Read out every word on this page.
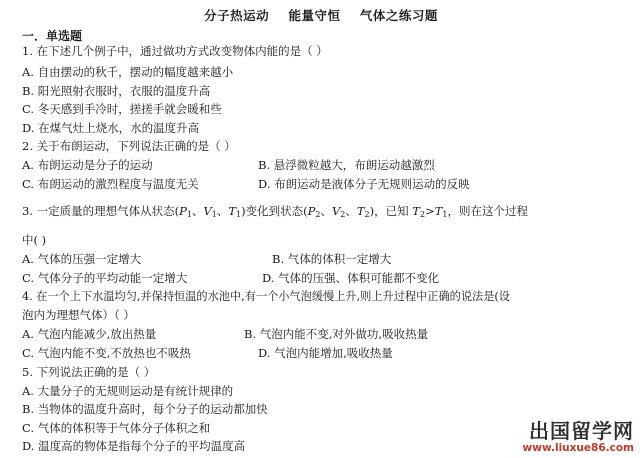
分子热运动    能量守恒    气体之练习题
一．单选题
1. 在下述几个例子中，通过做功方式改变物体内能的是（ ）
A. 自由摆动的秋千，摆动的幅度越来越小
B. 阳光照射衣服时，衣服的温度升高
C. 冬天感到手冷时，搓搓手就会暖和些
D. 在煤气灶上烧水，水的温度升高
2. 关于布朗运动，下列说法正确的是（ ）
A. 布朗运动是分子的运动	B. 悬浮微粒越大，布朗运动越激烈
C. 布朗运动的激烈程度与温度无关	D. 布朗运动是液体分子无规则运动的反映
3. 一定质量的理想气体从状态($P_1$、$V_1$、$T_1$)变化到状态($P_2$、$V_2$、$T_2$)，已知 $T_2>T_1$，则在这个过程
中( )
A. 气体的压强一定增大	B. 气体的体积一定增大
C. 气体分子的平均动能一定增大	D. 气体的压强、体积可能都不变化
4. 在一个上下水温均匀,并保持恒温的水池中,有一个小气泡缓慢上升,则上升过程中正确的说法是(设
泡内为理想气体）（ ）
A. 气泡内能减少,放出热量	B. 气泡内能不变,对外做功,吸收热量
C. 气泡内能不变,不放热也不吸热	D. 气泡内能增加,吸收热量
5. 下列说法正确的是（ ）
A. 大量分子的无规则运动是有统计规律的
B. 当物体的温度升高时，每个分子的运动都加快
C. 气体的体积等于气体分子体积之和
D. 温度高的物体是指每个分子的平均温度高
出国留学网
www.liuxue86.com
